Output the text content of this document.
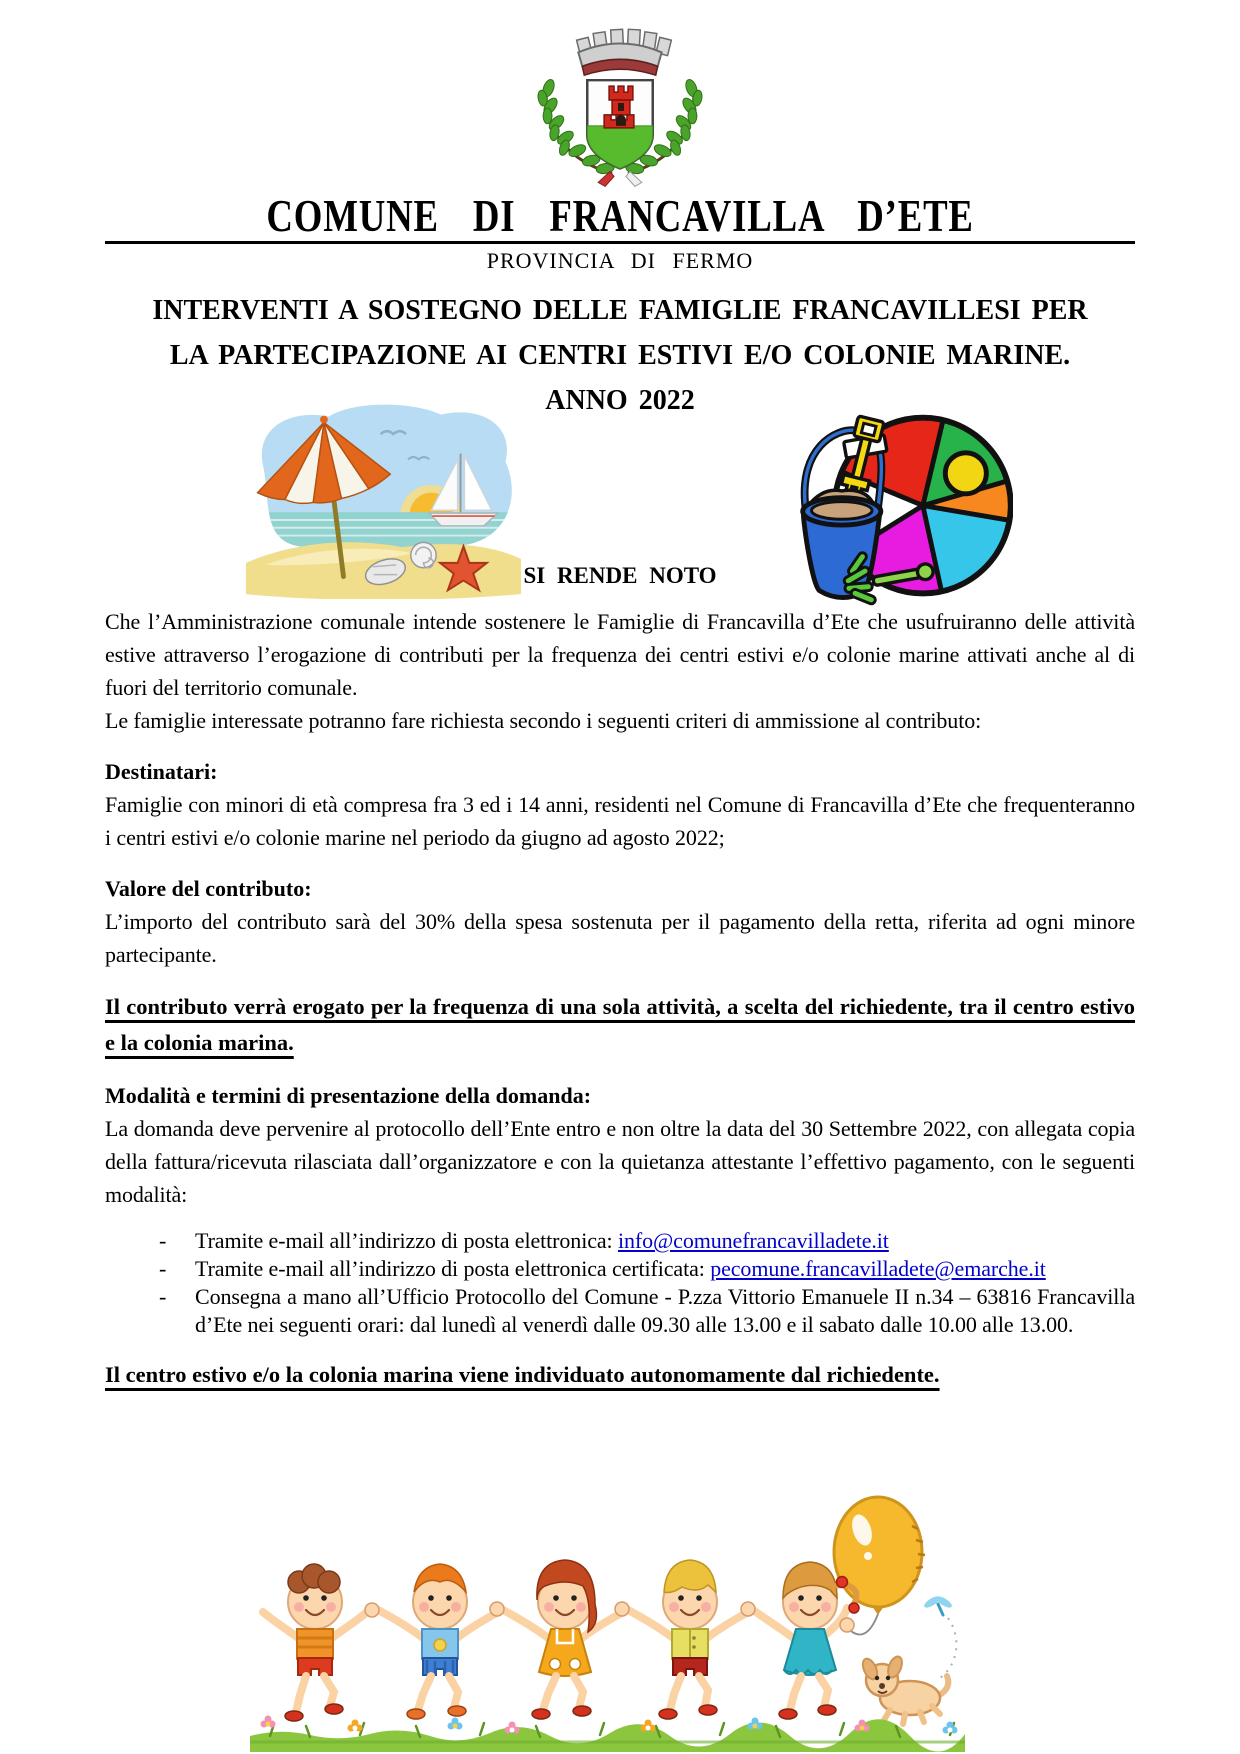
COMUNE DI FRANCAVILLA D’ETE
PROVINCIA DI FERMO
INTERVENTI A SOSTEGNO DELLE FAMIGLIE FRANCAVILLESI PER
LA PARTECIPAZIONE AI CENTRI ESTIVI E/O COLONIE MARINE.
ANNO 2022
SI RENDE NOTO

Che l’Amministrazione comunale intende sostenere le Famiglie di Francavilla d’Ete che usufruiranno delle attività estive attraverso l’erogazione di contributi per la frequenza dei centri estivi e/o colonie marine attivati anche al di fuori del territorio comunale.

Le famiglie interessate potranno fare richiesta secondo i seguenti criteri di ammissione al contributo:

Destinatari:

Famiglie con minori di età compresa fra 3 ed i 14 anni, residenti nel Comune di Francavilla d’Ete che frequenteranno i centri estivi e/o colonie marine nel periodo da giugno ad agosto 2022;

Valore del contributo:

L’importo del contributo sarà del 30% della spesa sostenuta per il pagamento della retta, riferita ad ogni minore partecipante.

Il contributo verrà erogato per la frequenza di una sola attività, a scelta del richiedente, tra il centro estivo e la colonia marina.

Modalità e termini di presentazione della domanda:

La domanda deve pervenire al protocollo dell’Ente entro e non oltre la data del 30 Settembre 2022, con allegata copia della fattura/ricevuta rilasciata dall’organizzatore e con la quietanza attestante l’effettivo pagamento, con le seguenti modalità:

-	Tramite e-mail all’indirizzo di posta elettronica: info@comunefrancavilladete.it
-	Tramite e-mail all’indirizzo di posta elettronica certificata: pecomune.francavilladete@emarche.it
-	Consegna a mano all’Ufficio Protocollo del Comune - P.zza Vittorio Emanuele II n.34 – 63816 Francavilla d’Ete nei seguenti orari: dal lunedì al venerdì dalle 09.30 alle 13.00 e il sabato dalle 10.00 alle 13.00.

Il centro estivo e/o la colonia marina viene individuato autonomamente dal richiedente.
